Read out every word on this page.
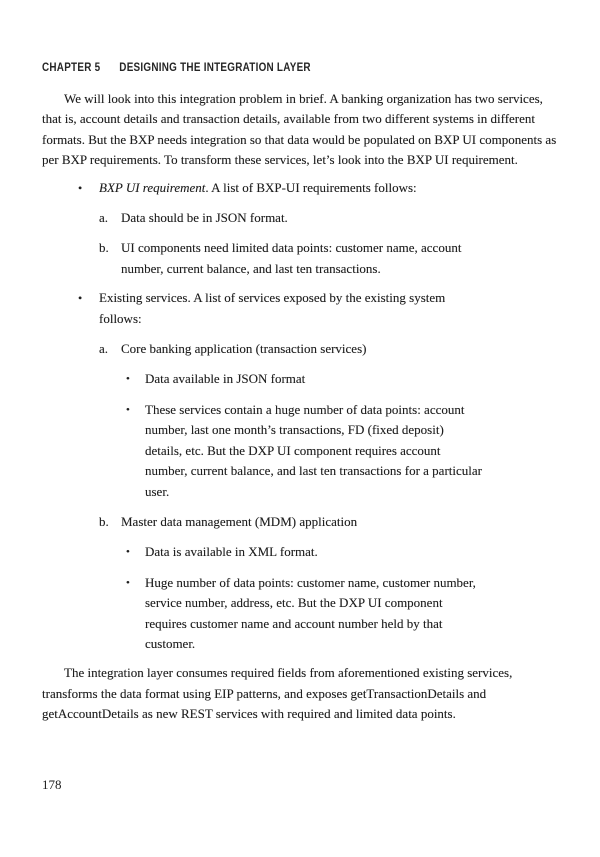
CHAPTER 5 DESIGNING THE INTEGRATION LAYER

We will look into this integration problem in brief. A banking organization has two services, that is, account details and transaction details, available from two different systems in different formats. But the BXP needs integration so that data would be populated on BXP UI components as per BXP requirements. To transform these services, let’s look into the BXP UI requirement.

•	BXP UI requirement. A list of BXP-UI requirements follows:

a. Data should be in JSON format.

b. UI components need limited data points: customer name, account number, current balance, and last ten transactions.

•	Existing services. A list of services exposed by the existing system follows:

a. Core banking application (transaction services)

•	Data available in JSON format

•	These services contain a huge number of data points: account number, last one month’s transactions, FD (fixed deposit) details, etc. But the DXP UI component requires account number, current balance, and last ten transactions for a particular user.

b. Master data management (MDM) application

•	Data is available in XML format.

•	Huge number of data points: customer name, customer number, service number, address, etc. But the DXP UI component requires customer name and account number held by that customer.

The integration layer consumes required fields from aforementioned existing services, transforms the data format using EIP patterns, and exposes getTransactionDetails and getAccountDetails as new REST services with required and limited data points.

178
